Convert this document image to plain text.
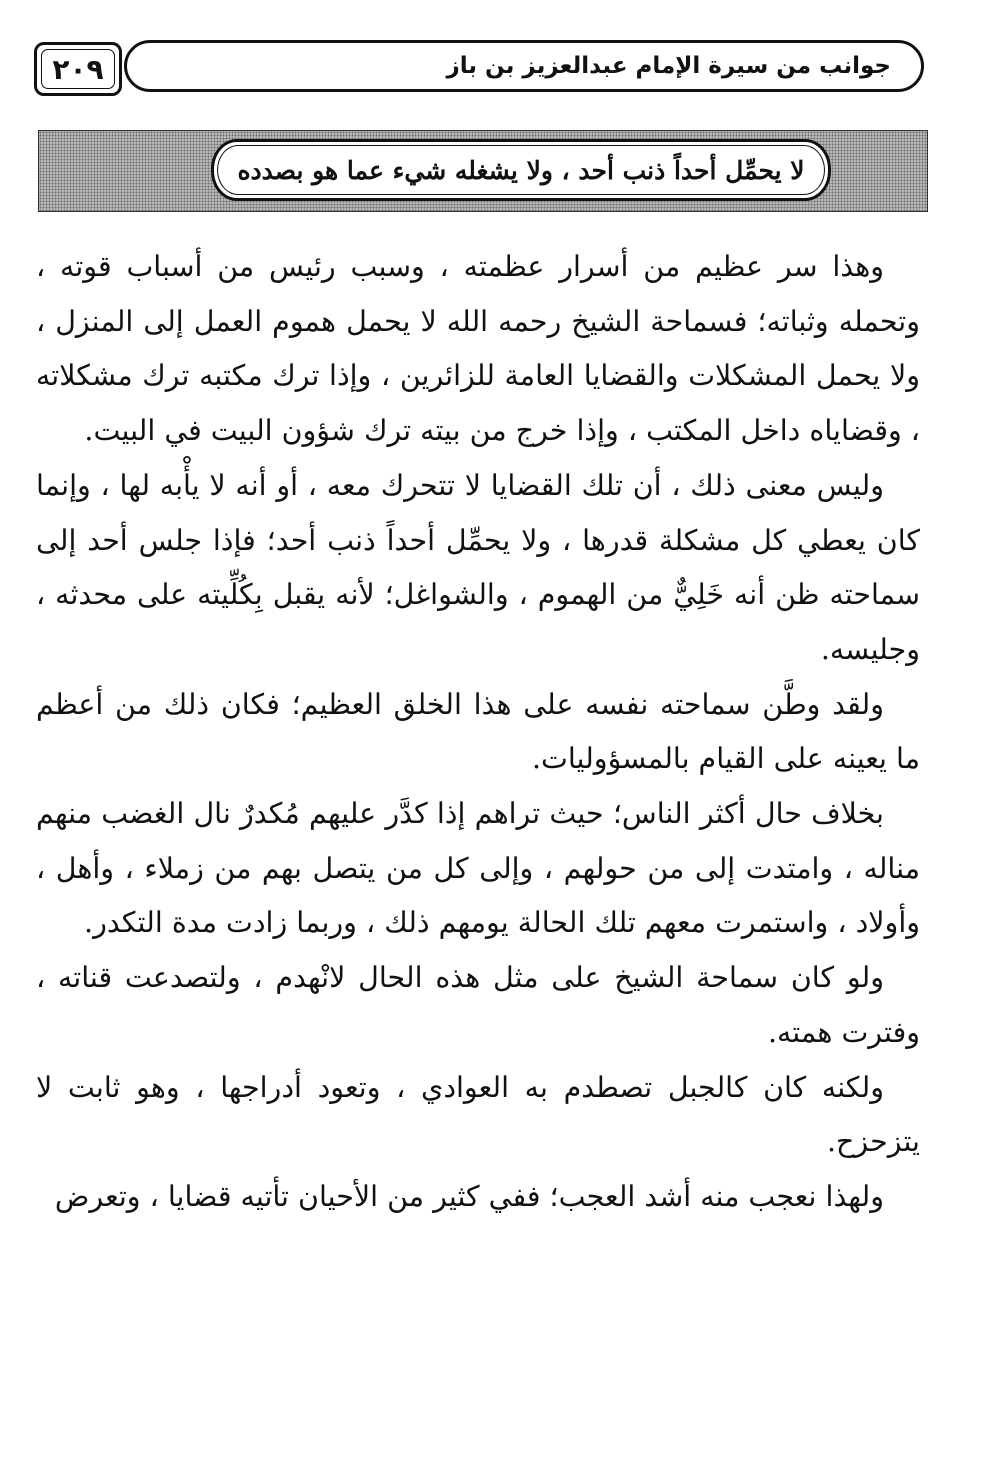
٢٠٩	جوانب من سيرة الإمام عبدالعزيز بن باز
لا يحمِّل أحداً ذنب أحد ، ولا يشغله شيء عما هو بصدده

وهذا سر عظيم من أسرار عظمته ، وسبب رئيس من أسباب قوته ، وتحمله وثباته؛ فسماحة الشيخ رحمه الله لا يحمل هموم العمل إلى المنزل ، ولا يحمل المشكلات والقضايا العامة للزائرين ، وإذا ترك مكتبه ترك مشكلاته ، وقضاياه داخل المكتب ، وإذا خرج من بيته ترك شؤون البيت في البيت.

وليس معنى ذلك ، أن تلك القضايا لا تتحرك معه ، أو أنه لا يأْبه لها ، وإنما كان يعطي كل مشكلة قدرها ، ولا يحمِّل أحداً ذنب أحد؛ فإذا جلس أحد إلى سماحته ظن أنه خَلِيٌّ من الهموم ، والشواغل؛ لأنه يقبل بِكُلِّيته على محدثه ، وجليسه.

ولقد وطَّن سماحته نفسه على هذا الخلق العظيم؛ فكان ذلك من أعظم ما يعينه على القيام بالمسؤوليات.

بخلاف حال أكثر الناس؛ حيث تراهم إذا كدَّر عليهم مُكدرٌ نال الغضب منهم مناله ، وامتدت إلى من حولهم ، وإلى كل من يتصل بهم من زملاء ، وأهل ، وأولاد ، واستمرت معهم تلك الحالة يومهم ذلك ، وربما زادت مدة التكدر.

ولو كان سماحة الشيخ على مثل هذه الحال لانْهدم ، ولتصدعت قناته ، وفترت همته.

ولكنه كان كالجبل تصطدم به العوادي ، وتعود أدراجها ، وهو ثابت لا يتزحزح.

ولهذا نعجب منه أشد العجب؛ ففي كثير من الأحيان تأتيه قضايا ، وتعرض
